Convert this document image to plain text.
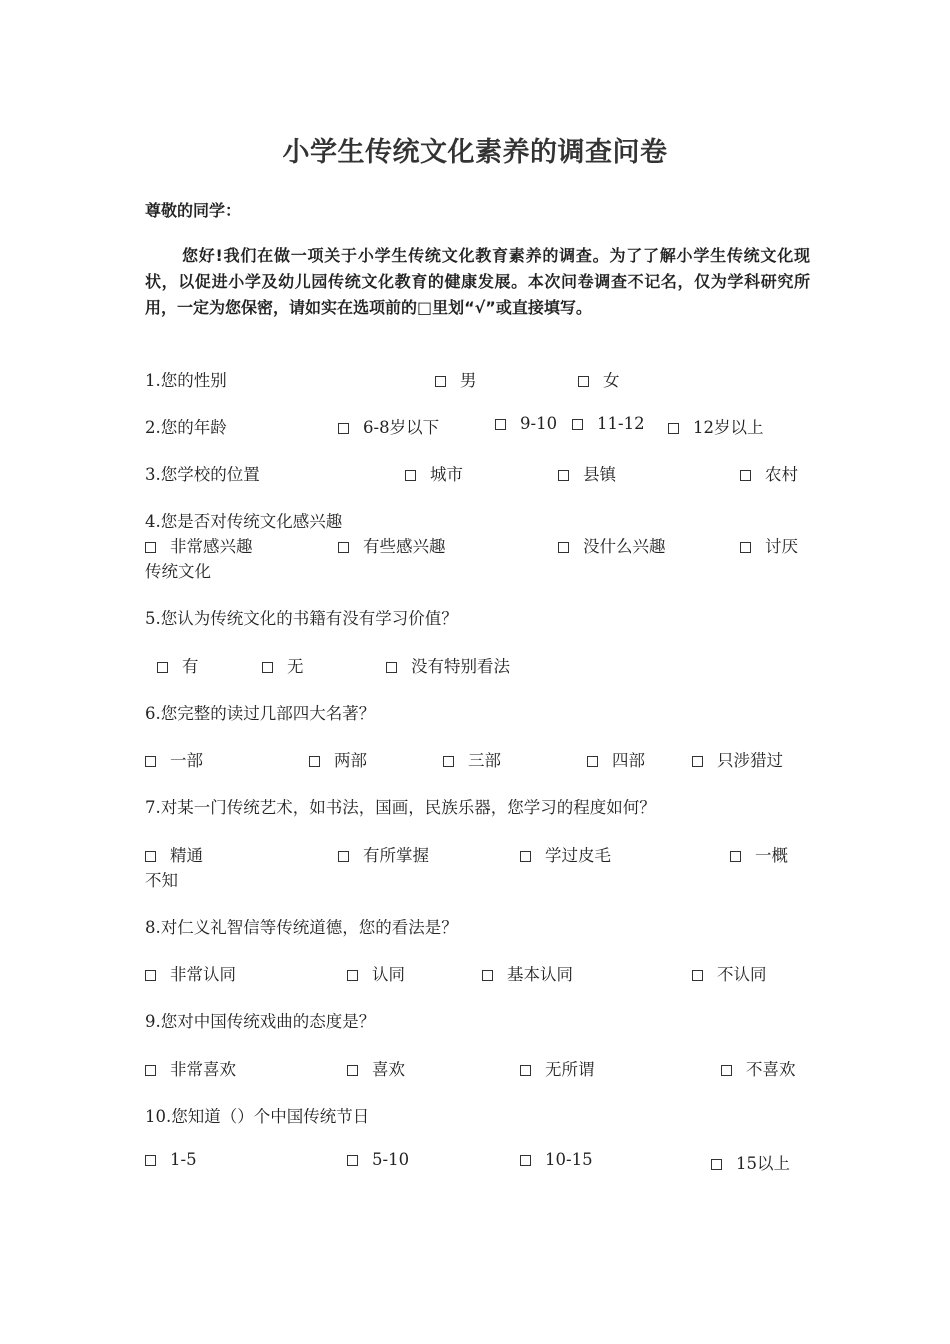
小学生传统文化素养的调查问卷
尊敬的同学：
您好!我们在做一项关于小学生传统文化教育素养的调查。为了了解小学生传统文化现状，以促进小学及幼儿园传统文化教育的健康发展。本次问卷调查不记名，仅为学科研究所用，一定为您保密，请如实在选项前的□里划“√”或直接填写。
1.您的性别	男	女
2.您的年龄	6-8岁以下	9-10	11-12	12岁以上
3.您学校的位置	城市	县镇	农村
4.您是否对传统文化感兴趣
非常感兴趣	有些感兴趣	没什么兴趣	讨厌
传统文化
5.您认为传统文化的书籍有没有学习价值？
有	无	没有特别看法
6.您完整的读过几部四大名著？
一部	两部	三部	四部	只涉猎过
7.对某一门传统艺术，如书法，国画，民族乐器，您学习的程度如何？
精通	有所掌握	学过皮毛	一概
不知
8.对仁义礼智信等传统道德，您的看法是？
非常认同	认同	基本认同	不认同
9.您对中国传统戏曲的态度是？
非常喜欢	喜欢	无所谓	不喜欢
10.您知道（）个中国传统节日
1-5	5-10	10-15	15以上
